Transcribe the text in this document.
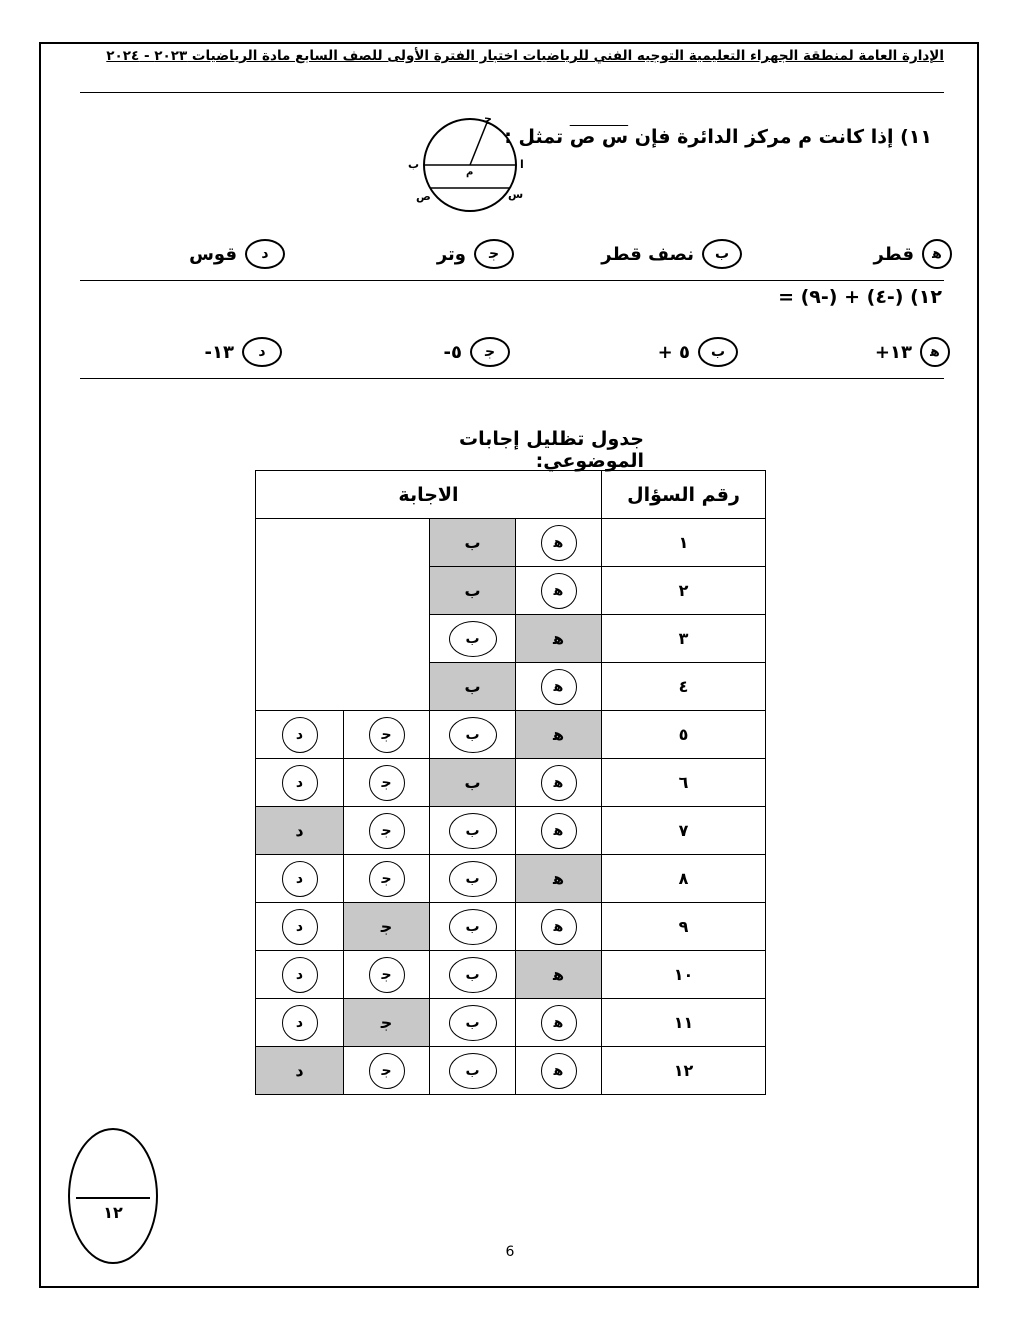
الإدارة العامة لمنطقة الجهراء التعليمية التوجيه الفني للرياضيات اختبار الفترة الأولى للصف السابع مادة الرياضيات ٢٠٢٣ - ٢٠٢٤
١١) إذا كانت م مركز الدائرة فإن س ص تمثل :
ﺟ
ب	ا
م
ص	س
ﻫ
قطر
ب
نصف قطر
ﺟ
وتر
د
قوس
١٢) (-٤) + (-٩) =
ﻫ
١٣+
ب
٥ +
ﺟ
٥-
د
١٣-
جدول تظليل إجابات الموضوعي:
الاجابة				رقم السؤال
		ب	ﻫ	١
		ب	ﻫ	٢
		ب	ﻫ	٣
		ب	ﻫ	٤
د	ﺟ	ب	ﻫ	٥
د	ﺟ	ب	ﻫ	٦
د	ﺟ	ب	ﻫ	٧
د	ﺟ	ب	ﻫ	٨
د	ﺟ	ب	ﻫ	٩
د	ﺟ	ب	ﻫ	١٠
د	ﺟ	ب	ﻫ	١١
د	ﺟ	ب	ﻫ	١٢
١٢
6
